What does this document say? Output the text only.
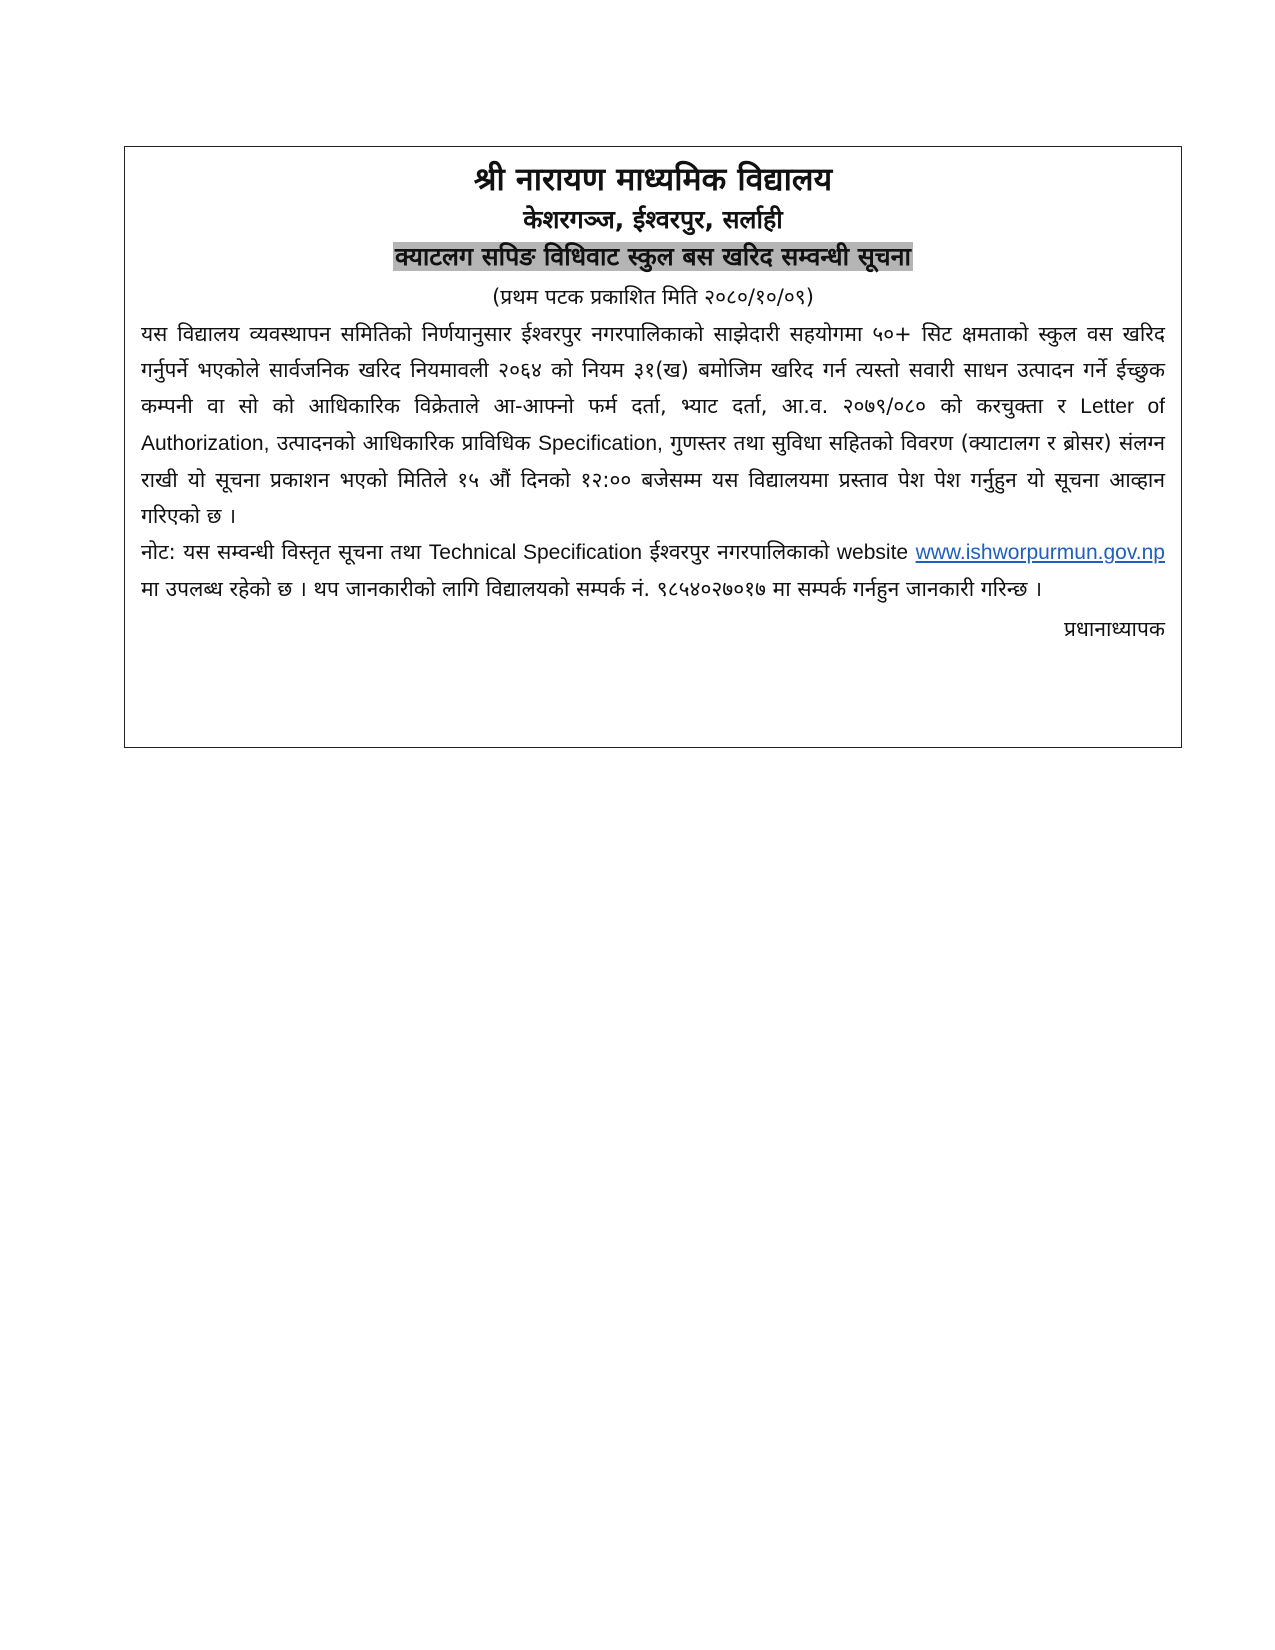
श्री नारायण माध्यमिक विद्यालय
केशरगञ्ज, ईश्वरपुर, सर्लाही
क्याटलग सपिङ विधिवाट स्कुल बस खरिद सम्वन्धी सूचना
(प्रथम पटक प्रकाशित मिति २०८०/१०/०९)

यस विद्यालय व्यवस्थापन समितिको निर्णयानुसार ईश्वरपुर नगरपालिकाको साझेदारी सहयोगमा ५०+ सिट क्षमताको स्कुल वस खरिद गर्नुपर्ने भएकोले सार्वजनिक खरिद नियमावली २०६४ को नियम ३१(ख) बमोजिम खरिद गर्न त्यस्तो सवारी साधन उत्पादन गर्ने ईच्छुक कम्पनी वा सो को आधिकारिक विक्रेताले आ-आफ्नो फर्म दर्ता, भ्याट दर्ता, आ.व. २०७९/०८० को करचुक्ता र Letter of Authorization, उत्पादनको आधिकारिक प्राविधिक Specification, गुणस्तर तथा सुविधा सहितको विवरण (क्याटालग र ब्रोसर) संलग्न राखी यो सूचना प्रकाशन भएको मितिले १५ औं दिनको १२:०० बजेसम्म यस विद्यालयमा प्रस्ताव पेश पेश गर्नुहुन यो सूचना आव्हान गरिएको छ ।

नोट: यस सम्वन्धी विस्तृत सूचना तथा Technical Specification ईश्वरपुर नगरपालिकाको website www.ishworpurmun.gov.np मा उपलब्ध रहेको छ । थप जानकारीको लागि विद्यालयको सम्पर्क नं. ९८५४०२७०१७ मा सम्पर्क गर्नहुन जानकारी गरिन्छ ।

प्रधानाध्यापक
